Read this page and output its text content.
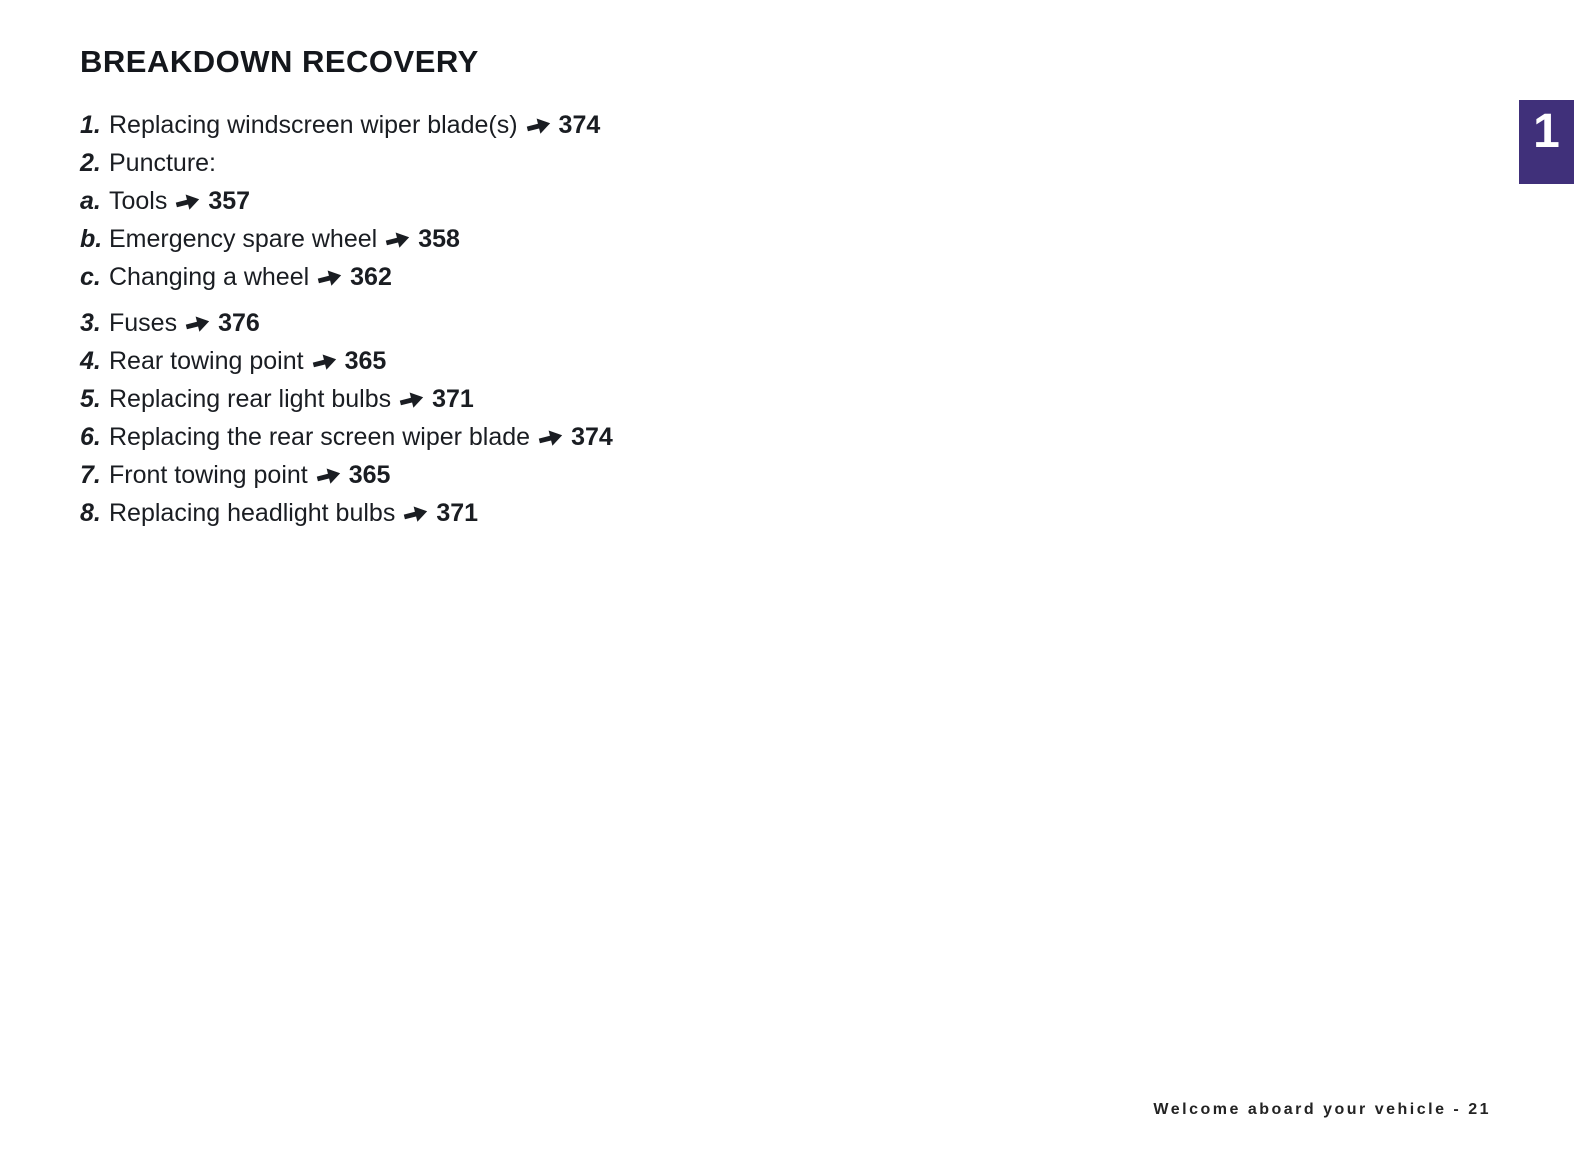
BREAKDOWN RECOVERY
1. Replacing windscreen wiper blade(s) 374
2. Puncture:
a. Tools 357
b. Emergency spare wheel 358
c. Changing a wheel 362
3. Fuses 376
4. Rear towing point 365
5. Replacing rear light bulbs 371
6. Replacing the rear screen wiper blade 374
7. Front towing point 365
8. Replacing headlight bulbs 371
1
Welcome aboard your vehicle - 21
